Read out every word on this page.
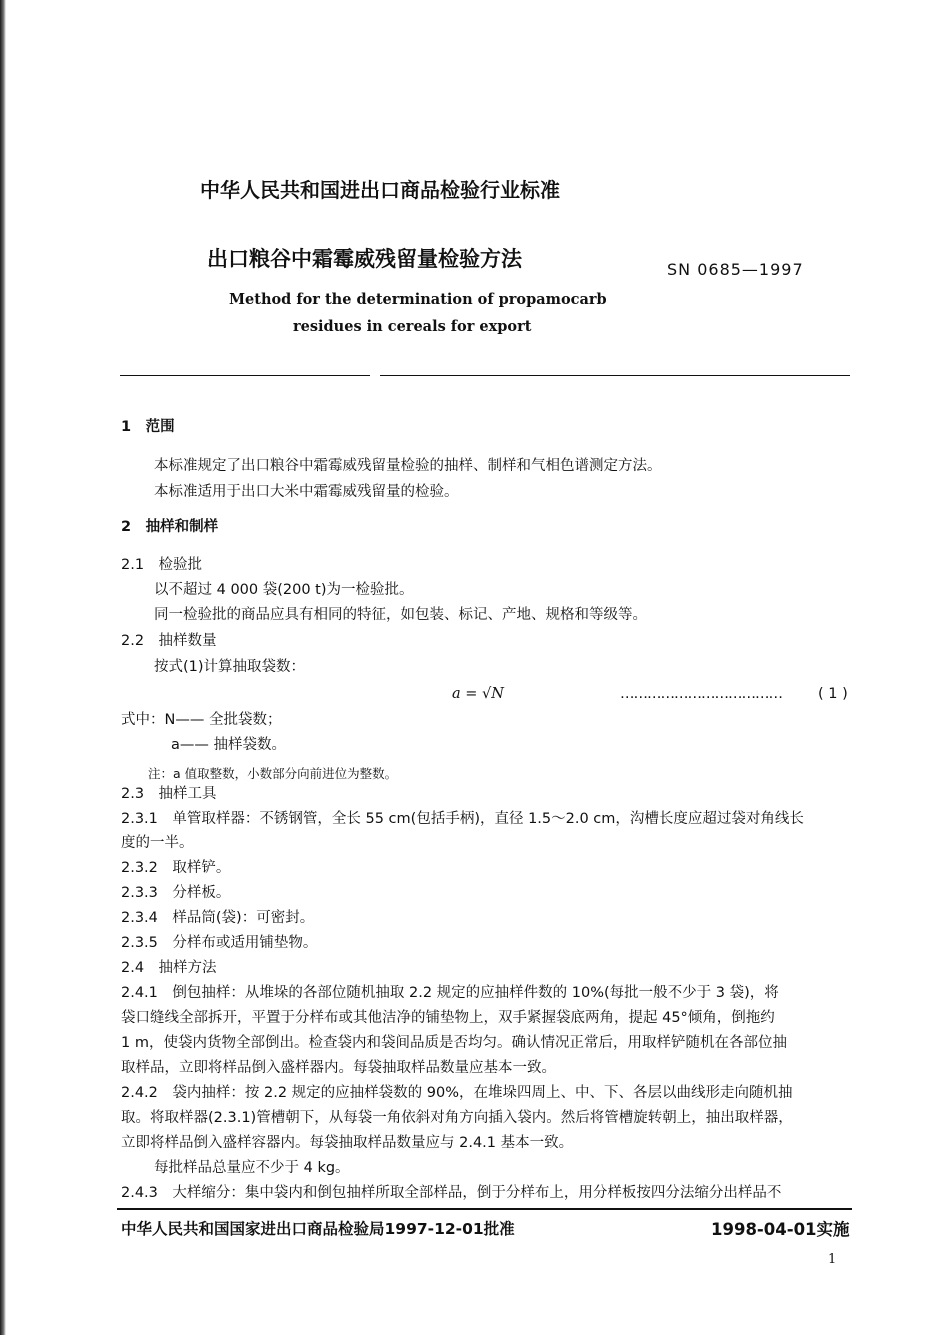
中华人民共和国进出口商品检验行业标准
出口粮谷中霜霉威残留量检验方法	SN 0685—1997
Method for the determination of propamocarb
residues in cereals for export
1　范围
本标准规定了出口粮谷中霜霉威残留量检验的抽样、制样和气相色谱测定方法。
本标准适用于出口大米中霜霉威残留量的检验。
2　抽样和制样
2.1　检验批
以不超过 4 000 袋(200 t)为一检验批。
同一检验批的商品应具有相同的特征，如包装、标记、产地、规格和等级等。
2.2　抽样数量
按式(1)计算抽取袋数：
a = √N	……………………………… ( 1 )
式中：N—— 全批袋数；
a—— 抽样袋数。
注：a 值取整数，小数部分向前进位为整数。
2.3　抽样工具
2.3.1　单管取样器：不锈钢管，全长 55 cm(包括手柄)，直径 1.5～2.0 cm，沟槽长度应超过袋对角线长
度的一半。
2.3.2　取样铲。
2.3.3　分样板。
2.3.4　样品筒(袋)：可密封。
2.3.5　分样布或适用铺垫物。
2.4　抽样方法
2.4.1　倒包抽样：从堆垛的各部位随机抽取 2.2 规定的应抽样件数的 10%(每批一般不少于 3 袋)，将
袋口缝线全部拆开，平置于分样布或其他洁净的铺垫物上，双手紧握袋底两角，提起 45°倾角，倒拖约
1 m，使袋内货物全部倒出。检查袋内和袋间品质是否均匀。确认情况正常后，用取样铲随机在各部位抽
取样品，立即将样品倒入盛样器内。每袋抽取样品数量应基本一致。
2.4.2　袋内抽样：按 2.2 规定的应抽样袋数的 90%，在堆垛四周上、中、下、各层以曲线形走向随机抽
取。将取样器(2.3.1)管槽朝下，从每袋一角依斜对角方向插入袋内。然后将管槽旋转朝上，抽出取样器，
立即将样品倒入盛样容器内。每袋抽取样品数量应与 2.4.1 基本一致。
每批样品总量应不少于 4 kg。
2.4.3　大样缩分：集中袋内和倒包抽样所取全部样品，倒于分样布上，用分样板按四分法缩分出样品不
中华人民共和国国家进出口商品检验局1997-12-01批准	1998-04-01实施
1
